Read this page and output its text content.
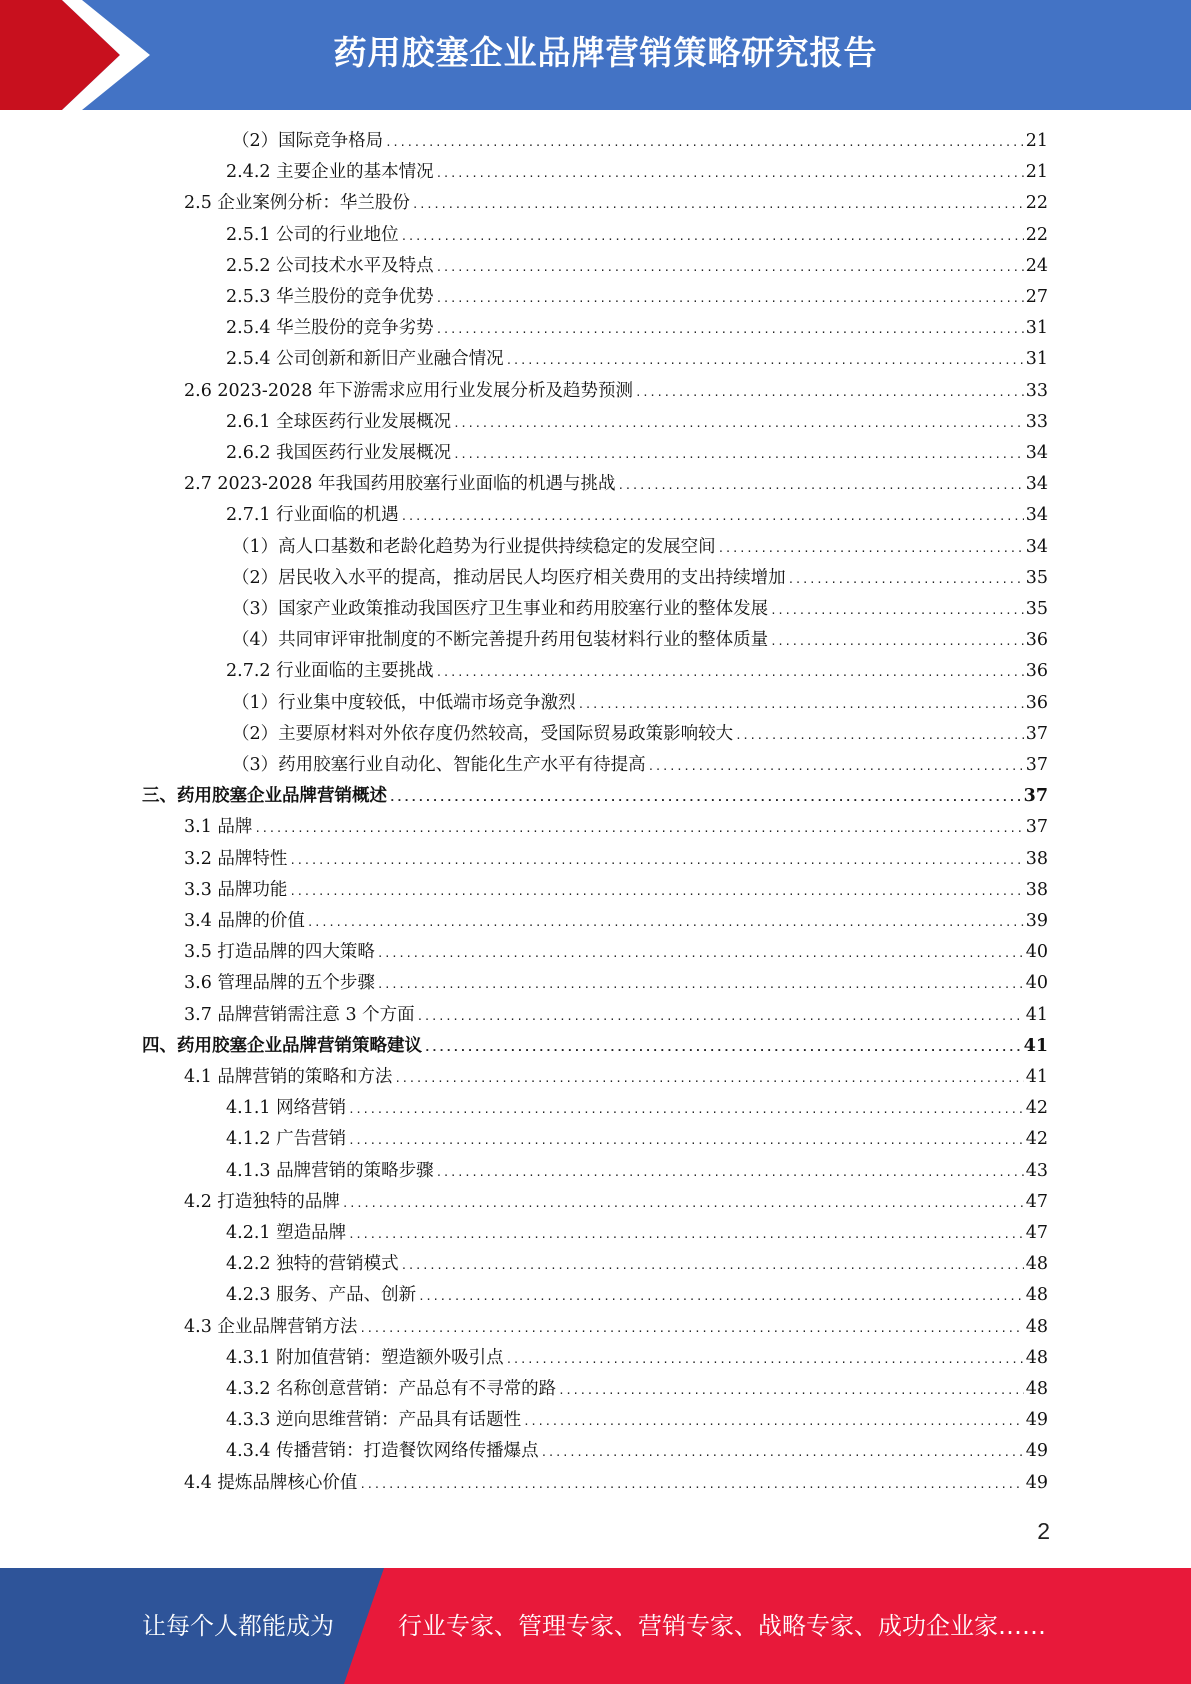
药用胶塞企业品牌营销策略研究报告
（2）国际竞争格局 .....	21
2.4.2 主要企业的基本情况 .....	21
2.5 企业案例分析：华兰股份 .....	22
2.5.1 公司的行业地位 .....	22
2.5.2 公司技术水平及特点 .....	24
2.5.3 华兰股份的竞争优势 .....	27
2.5.4 华兰股份的竞争劣势 .....	31
2.5.4 公司创新和新旧产业融合情况 .....	31
2.6 2023-2028 年下游需求应用行业发展分析及趋势预测 .....	33
2.6.1 全球医药行业发展概况 .....	33
2.6.2 我国医药行业发展概况 .....	34
2.7 2023-2028 年我国药用胶塞行业面临的机遇与挑战 .....	34
2.7.1 行业面临的机遇 .....	34
（1）高人口基数和老龄化趋势为行业提供持续稳定的发展空间 .....	34
（2）居民收入水平的提高，推动居民人均医疗相关费用的支出持续增加 .....	35
（3）国家产业政策推动我国医疗卫生事业和药用胶塞行业的整体发展 .....	35
（4）共同审评审批制度的不断完善提升药用包装材料行业的整体质量 .....	36
2.7.2 行业面临的主要挑战 .....	36
（1）行业集中度较低，中低端市场竞争激烈 .....	36
（2）主要原材料对外依存度仍然较高，受国际贸易政策影响较大 .....	37
（3）药用胶塞行业自动化、智能化生产水平有待提高 .....	37
三、药用胶塞企业品牌营销概述 .....	37
3.1 品牌 .....	37
3.2 品牌特性 .....	38
3.3 品牌功能 .....	38
3.4 品牌的价值 .....	39
3.5 打造品牌的四大策略 .....	40
3.6 管理品牌的五个步骤 .....	40
3.7 品牌营销需注意 3 个方面 .....	41
四、药用胶塞企业品牌营销策略建议 .....	41
4.1 品牌营销的策略和方法 .....	41
4.1.1 网络营销 .....	42
4.1.2 广告营销 .....	42
4.1.3 品牌营销的策略步骤 .....	43
4.2 打造独特的品牌 .....	47
4.2.1 塑造品牌 .....	47
4.2.2 独特的营销模式 .....	48
4.2.3 服务、产品、创新 .....	48
4.3 企业品牌营销方法 .....	48
4.3.1 附加值营销：塑造额外吸引点 .....	48
4.3.2 名称创意营销：产品总有不寻常的路 .....	48
4.3.3 逆向思维营销：产品具有话题性 .....	49
4.3.4 传播营销：打造餐饮网络传播爆点 .....	49
4.4 提炼品牌核心价值 .....	49
2
让每个人都能成为	行业专家、管理专家、营销专家、战略专家、成功企业家……
